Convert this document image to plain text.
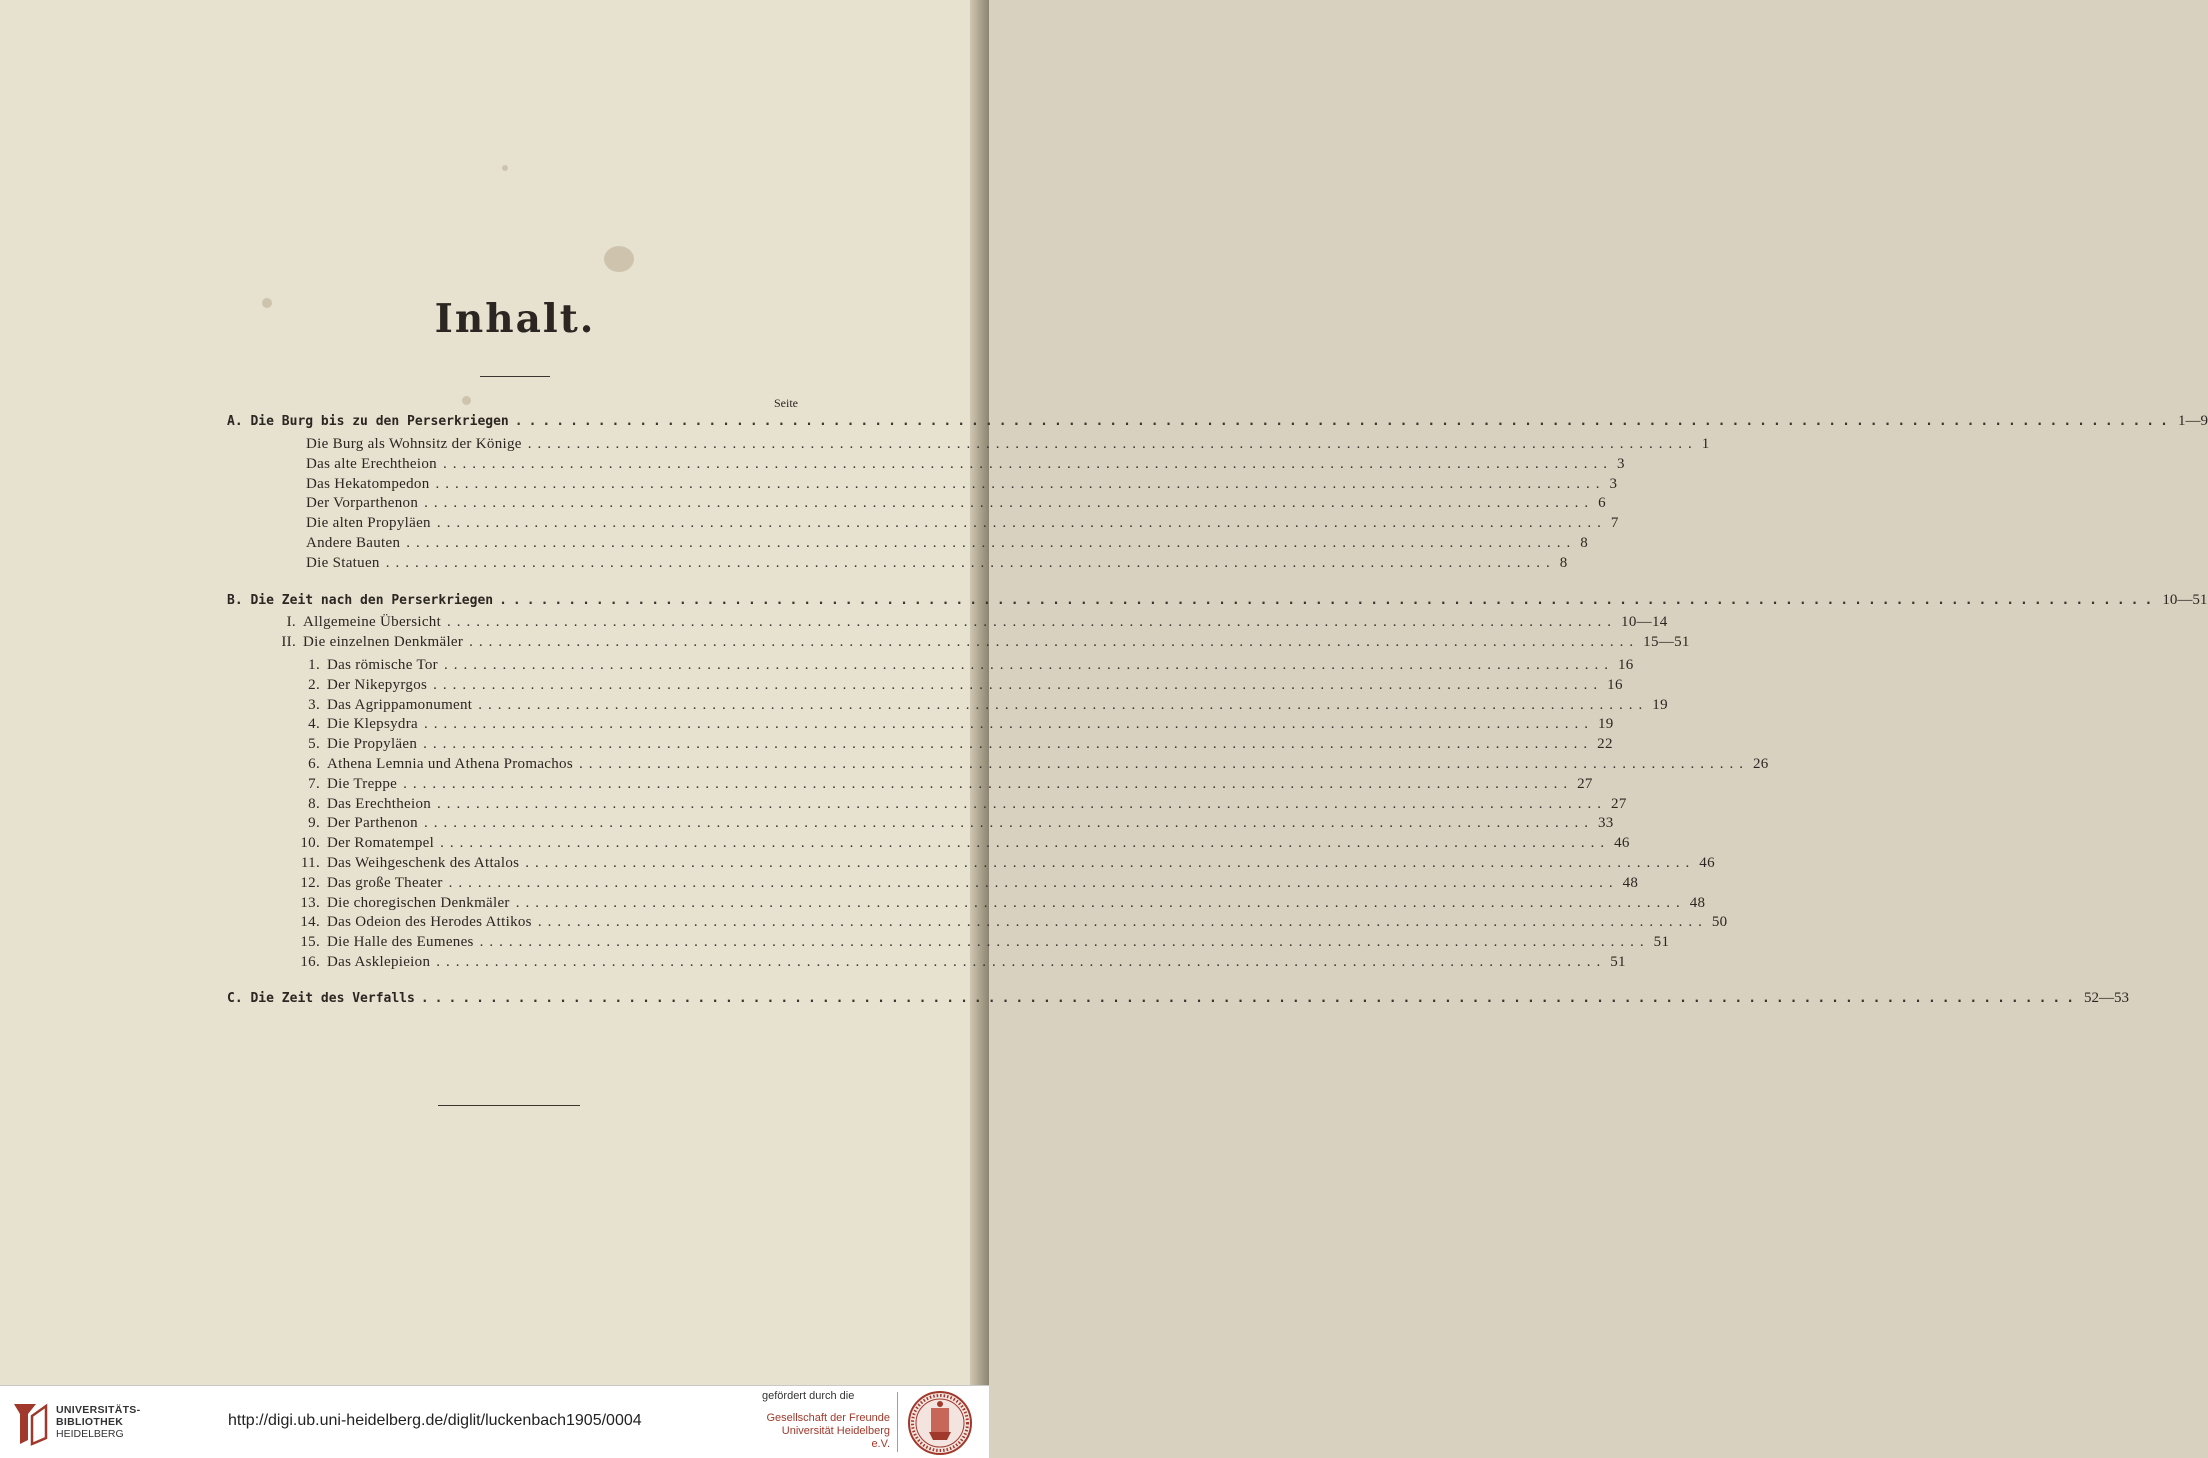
Inhalt.
Seite
A. Die Burg bis zu den Perserkriegen ........................................................................................................................ 1—9
Die Burg als Wohnsitz der Könige ........................................................................................................................ 1
Das alte Erechtheion ........................................................................................................................ 3
Das Hekatompedon ........................................................................................................................ 3
Der Vorparthenon ........................................................................................................................ 6
Die alten Propyläen ........................................................................................................................ 7
Andere Bauten ........................................................................................................................ 8
Die Statuen ........................................................................................................................ 8
B. Die Zeit nach den Perserkriegen ........................................................................................................................ 10—51
I. Allgemeine Übersicht ........................................................................................................................ 10—14
II. Die einzelnen Denkmäler ........................................................................................................................ 15—51
1. Das römische Tor ........................................................................................................................ 16
2. Der Nikepyrgos ........................................................................................................................ 16
3. Das Agrippamonument ........................................................................................................................ 19
4. Die Klepsydra ........................................................................................................................ 19
5. Die Propyläen ........................................................................................................................ 22
6. Athena Lemnia und Athena Promachos ........................................................................................................................ 26
7. Die Treppe ........................................................................................................................ 27
8. Das Erechtheion ........................................................................................................................ 27
9. Der Parthenon ........................................................................................................................ 33
10. Der Romatempel ........................................................................................................................ 46
11. Das Weihgeschenk des Attalos ........................................................................................................................ 46
12. Das große Theater ........................................................................................................................ 48
13. Die choregischen Denkmäler ........................................................................................................................ 48
14. Das Odeion des Herodes Attikos ........................................................................................................................ 50
15. Die Halle des Eumenes ........................................................................................................................ 51
16. Das Asklepieion ........................................................................................................................ 51
C. Die Zeit des Verfalls ........................................................................................................................ 52—53
UNIVERSITÄTS-
BIBLIOTHEK
HEIDELBERG
http://digi.ub.uni-heidelberg.de/diglit/luckenbach1905/0004
gefördert durch die
Gesellschaft der Freunde
Universität Heidelberg e.V.
